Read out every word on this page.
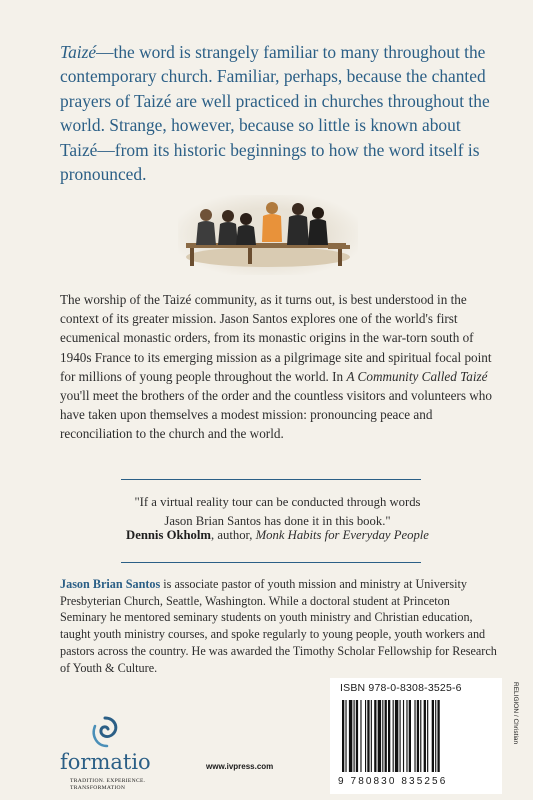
Taizé—the word is strangely familiar to many throughout the contemporary church. Familiar, perhaps, because the chanted prayers of Taizé are well practiced in churches throughout the world. Strange, however, because so little is known about Taizé—from its historic beginnings to how the word itself is pronounced.
The worship of the Taizé community, as it turns out, is best understood in the context of its greater mission. Jason Santos explores one of the world's first ecumenical monastic orders, from its monastic origins in the war-torn south of 1940s France to its emerging mission as a pilgrimage site and spiritual focal point for millions of young people throughout the world. In A Community Called Taizé you'll meet the brothers of the order and the countless visitors and volunteers who have taken upon themselves a modest mission: pronouncing peace and reconciliation to the church and the world.
"If a virtual reality tour can be conducted through words
Jason Brian Santos has done it in this book."
Dennis Okholm, author, Monk Habits for Everyday People
Jason Brian Santos is associate pastor of youth mission and ministry at University Presbyterian Church, Seattle, Washington. While a doctoral student at Princeton Seminary he mentored seminary students on youth ministry and Christian education, taught youth ministry courses, and spoke regularly to young people, youth workers and pastors across the country. He was awarded the Timothy Scholar Fellowship for Research of Youth & Culture.
formatio
TRADITION. EXPERIENCE. TRANSFORMATION
www.ivpress.com
ISBN 978-0-8308-3525-6
9 780830 835256
RELIGION / Christian
